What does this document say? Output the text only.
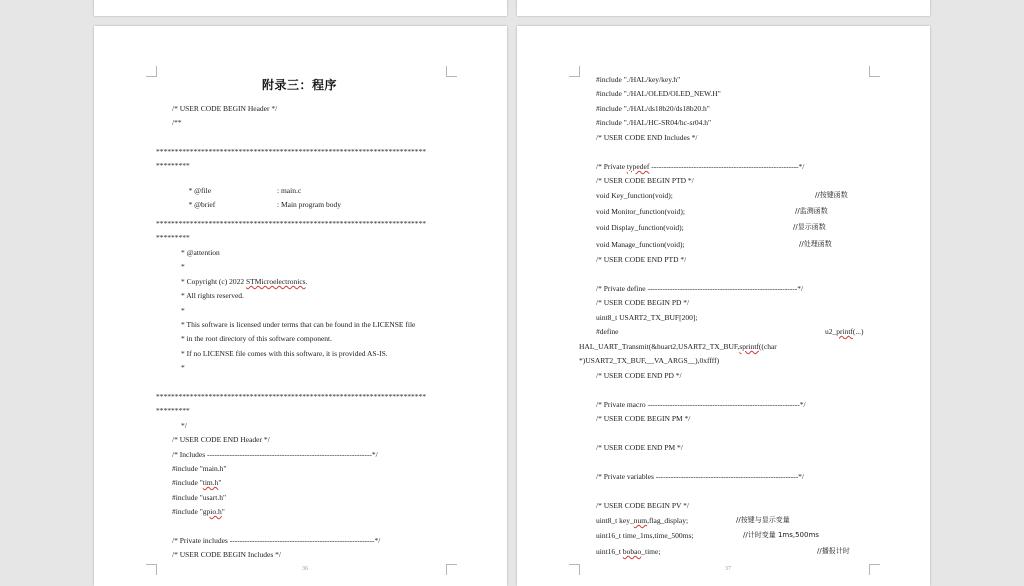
附录三：程序
/* USER CODE BEGIN Header */
/**
************************************************************************
*********

* @file	: main.c

* @brief	: Main program body

************************************************************************
*********
* @attention
*
* Copyright (c) 2022 STMicroelectronics.
* All rights reserved.
*
* This software is licensed under terms that can be found in the LICENSE file
* in the root directory of this software component.
* If no LICENSE file comes with this software, it is provided AS-IS.
*
************************************************************************
*********
*/
/* USER CODE END Header */
/* Includes ------------------------------------------------------------------*/
#include "main.h"
#include "tim.h"
#include "usart.h"
#include "gpio.h"
/* Private includes ----------------------------------------------------------*/
/* USER CODE BEGIN Includes */
36
#include "./HAL/key/key.h"
#include "./HAL/OLED/OLED_NEW.H"
#include "./HAL/ds18b20/ds18b20.h"
#include "./HAL/HC-SR04/hc-sr04.h"
/* USER CODE END Includes */
/* Private typedef -----------------------------------------------------------*/
/* USER CODE BEGIN PTD */
void Key_function(void);	//按键函数
void Monitor_function(void);	//监测函数
void Display_function(void);	//显示函数
void Manage_function(void);	//处理函数
/* USER CODE END PTD */
/* Private define ------------------------------------------------------------*/
/* USER CODE BEGIN PD */
uint8_t USART2_TX_BUF[200];
#define	u2_printf(...)
HAL_UART_Transmit(&huart2,USART2_TX_BUF,sprintf((char
*)USART2_TX_BUF,__VA_ARGS__),0xffff)
/* USER CODE END PD */
/* Private macro -------------------------------------------------------------*/
/* USER CODE BEGIN PM */
/* USER CODE END PM */
/* Private variables ---------------------------------------------------------*/
/* USER CODE BEGIN PV */
uint8_t key_num,flag_display;	//按键与显示变量
uint16_t time_1ms,time_500ms;	//计时变量 1ms,500ms
uint16_t bobao_time;	//播报计时
37
